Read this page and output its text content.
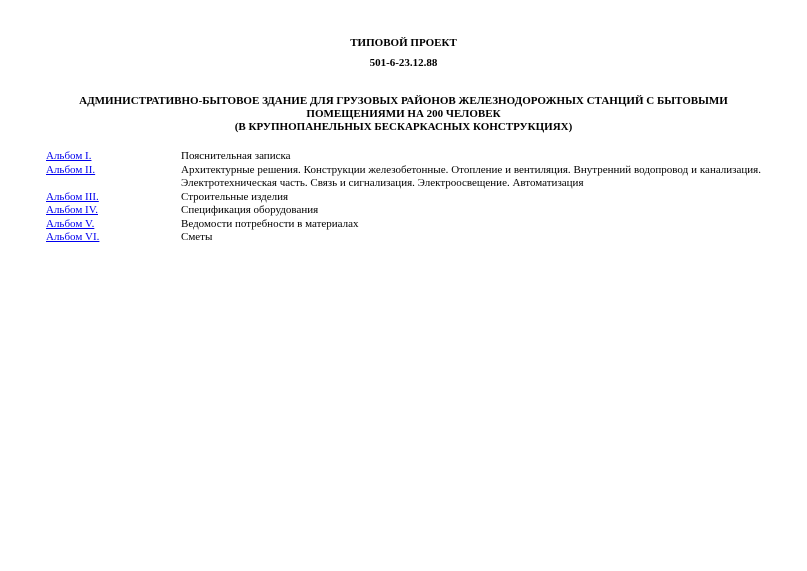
ТИПОВОЙ ПРОЕКТ
501-6-23.12.88
АДМИНИСТРАТИВНО-БЫТОВОЕ ЗДАНИЕ ДЛЯ ГРУЗОВЫХ РАЙОНОВ ЖЕЛЕЗНОДОРОЖНЫХ СТАНЦИЙ С БЫТОВЫМИ
ПОМЕЩЕНИЯМИ НА 200 ЧЕЛОВЕК
(В КРУПНОПАНЕЛЬНЫХ БЕСКАРКАСНЫХ КОНСТРУКЦИЯХ)
Альбом I.	Пояснительная записка
Альбом II.	Архитектурные решения. Конструкции железобетонные. Отопление и вентиляция. Внутренний водопровод и канализация. Электротехническая часть. Связь и сигнализация. Электроосвещение. Автоматизация
Альбом III.	Строительные изделия
Альбом IV.	Спецификация оборудования
Альбом V.	Ведомости потребности в материалах
Альбом VI.	Сметы
